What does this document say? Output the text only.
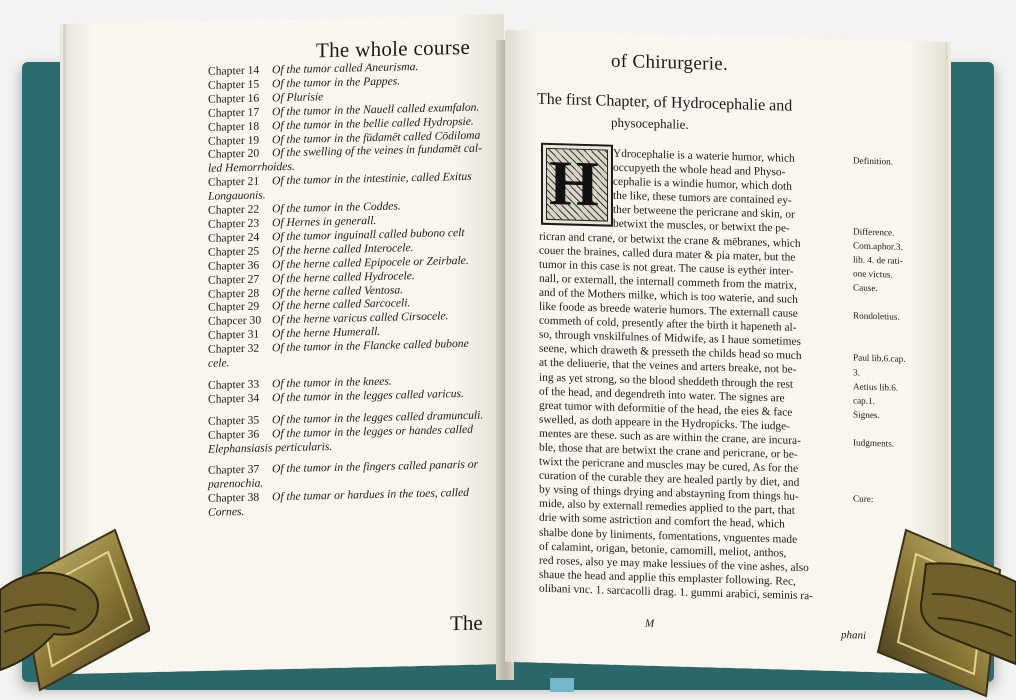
The whole course
Chapter 14	Of the tumor called Aneurisma.
Chapter 15	Of the tumor in the Pappes.
Chapter 16	Of Plurisie
Chapter 17	Of the tumor in the Nauell called exumfalon.
Chapter 18	Of the tumor in the bellie called Hydropsie.
Chapter 19	Of the tumor in the fūdamēt called Cōdiloma
Chapter 20	Of the swelling of the veines in fundamēt cal-
led Hemorrhoides.
Chapter 21	Of the tumor in the intestinie, called Exitus
Longauonis.
Chapter 22	Of the tumor in the Coddes.
Chapter 23	Of Hernes in generall.
Chapter 24	Of the tumor inguinall called bubono celt
Chapter 25	Of the herne called Interocele.
Chapter 36	Of the herne called Epipocele or Zeirbale.
Chapter 27	Of the herne called Hydrocele.
Chapter 28	Of the herne called Ventosa.
Chapter 29	Of the herne called Sarcoceli.
Chapcer 30 Of the herne varicus called Cirsocele.
Chapter 31	Of the herne Humerall.
Chapter 32	Of the tumor in the Flancke called bubone
cele.
Chapter 33	Of the tumor in the knees.
Chapter 34	Of the tumor in the legges called varicus.
Chapter 35	Of the tumor in the legges called dramunculi.
Chapter 36	Of the tumor in the legges or handes called
Elephansiasis perticularis.
Chapter 37	Of the tumor in the fingers called panaris or
parenochia.
Chapter 38	Of the tumar or hardues in the toes, called
Cornes.
The
of Chirurgerie.
The first Chapter, of Hydrocephalie and
physocephalie.
H	Ydrocephalie is a waterie humor, which
occupyeth the whole head and Physo-
cephalie is a windie humor, which doth
the like, these tumors are contained ey-
ther betweene the pericrane and skin, or
betwixt the muscles, or betwixt the pe-
ricran and crane, or betwixt the crane & mēbranes, which
couer the braines, called dura mater & pia mater, but the
tumor in this case is not great. The cause is eyther inter-
nall, or externall, the internall commeth from the matrix,
and of the Mothers milke, which is too waterie, and such
like foode as breede waterie humors. The externall cause
commeth of cold, presently after the birth it hapeneth al-
so, through vnskilfulnes of Midwife, as I haue sometimes
seene, which draweth & presseth the childs head so much
at the deliuerie, that the veines and arters breake, not be-
ing as yet strong, so the blood sheddeth through the rest
of the head, and degendreth into water. The signes are
great tumor with deformitie of the head, the eies & face
swelled, as doth appeare in the Hydropicks. The iudge-
mentes are these. such as are within the crane, are incura-
ble, those that are betwixt the crane and pericrane, or be-
twixt the pericrane and muscles may be cured, As for the
curation of the curable they are healed partly by diet, and
by vsing of things drying and abstayning from things hu-
mide, also by externall remedies applied to the part, that
drie with some astriction and comfort the head, which
shalbe done by liniments, fomentations, vnguentes made
of calamint, origan, betonie, camomill, meliot, anthos,
red roses, also ye may make lessiues of the vine ashes, also
shaue the head and applie this emplaster following. Rec,
olibani vnc. 1. sarcacolli drag. 1. gummi arabici, seminis ra-
Definition.
Difference.
Com.aphor.3.
lib. 4. de rati-
one victus.
Cause.
Rondoletius.
Paul lib.6.cap.
3.
Aetius lib.6.
cap.1.
Signes.
Iudgments.
Cure:
M
phani
